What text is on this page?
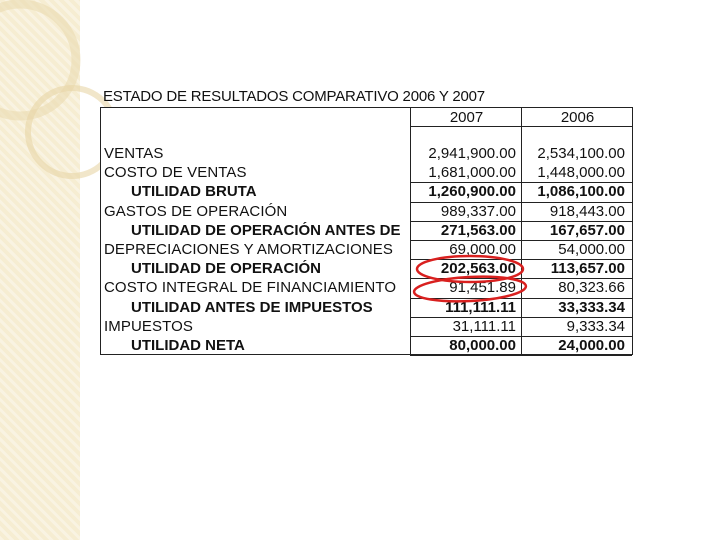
ESTADO DE RESULTADOS COMPARATIVO 2006 Y 2007
2007	2006
VENTAS	2,941,900.00	2,534,100.00
COSTO DE VENTAS	1,681,000.00	1,448,000.00
UTILIDAD BRUTA	1,260,900.00	1,086,100.00
GASTOS DE OPERACIÓN	989,337.00	918,443.00
UTILIDAD DE OPERACIÓN ANTES DE	271,563.00	167,657.00
DEPRECIACIONES Y AMORTIZACIONES	69,000.00	54,000.00
UTILIDAD DE OPERACIÓN	202,563.00	113,657.00
COSTO INTEGRAL DE FINANCIAMIENTO	91,451.89	80,323.66
UTILIDAD ANTES DE IMPUESTOS	111,111.11	33,333.34
IMPUESTOS	31,111.11	9,333.34
UTILIDAD NETA	80,000.00	24,000.00
